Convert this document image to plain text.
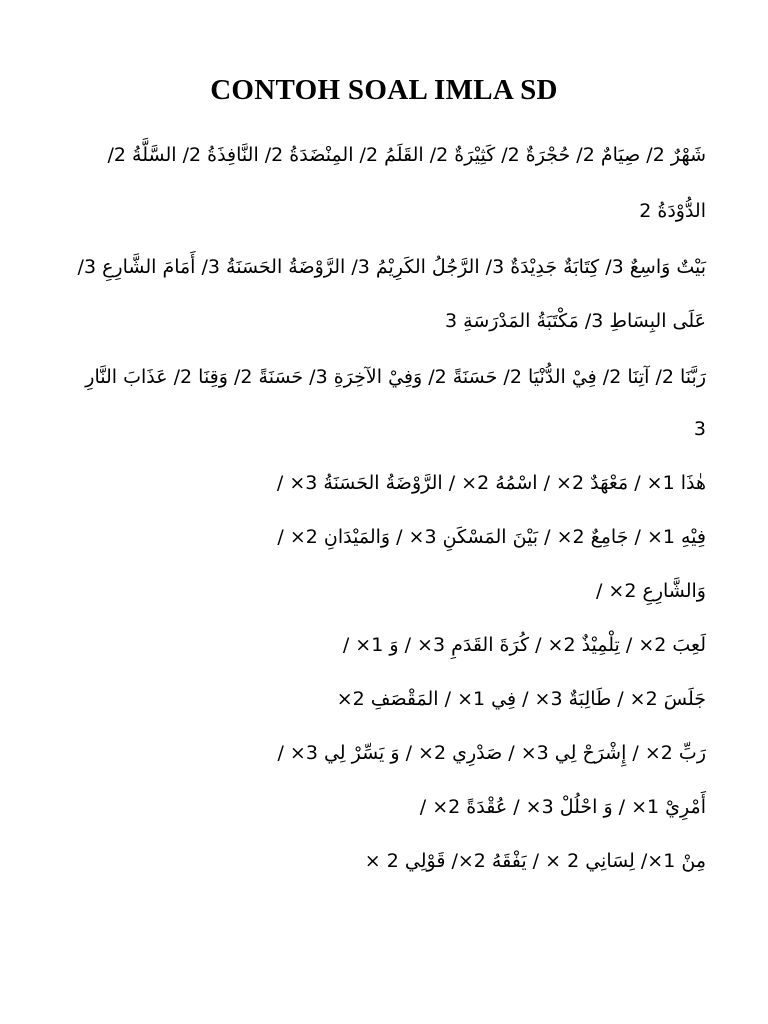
CONTOH SOAL IMLA SD
شَهْرٌ 2/ صِيَامٌ 2/ حُجْرَةٌ 2/ كَثِيْرَةٌ 2/ القَلَمُ 2/ المِنْضَدَةُ 2/ النَّافِذَةُ 2/ السَّلَّةُ 2/
الدُّوْدَةُ 2
بَيْتٌ وَاسِعٌ 3/ كِتَابَةٌ جَدِيْدَةٌ 3/ الرَّجُلُ الكَرِيْمُ 3/ الرَّوْضَةُ الحَسَنَةُ 3/ أَمَامَ الشَّارِعِ 3/
عَلَى البِسَاطِ 3/ مَكْتَبَةُ المَدْرَسَةِ 3
رَبَّنَا 2/ آتِنَا 2/ فِيْ الدُّنْيَا 2/ حَسَنَةً 2/ وَفِيْ الآخِرَةِ 3/ حَسَنَةً 2/ وَقِنَا 2/ عَذَابَ النَّارِ
3
هٰذَا 1× / مَعْهَدٌ 2× / اسْمُهُ 2× / الرَّوْضَةُ الحَسَنَةُ 3× /
فِيْهِ 1× / جَامِعٌ 2× / بَيْنَ المَسْكَنِ 3× / وَالمَيْدَانِ 2× /
وَالشَّارِعِ 2× /
لَعِبَ 2× / تِلْمِيْذٌ 2× / كُرَةَ القَدَمِ 3× / وَ 1× /
جَلَسَ 2× / طَالِبَةٌ 3× / فِي 1× / المَقْصَفِ 2×
رَبِّ 2× / إِشْرَحْ لِي 3× / صَدْرِي 2× / وَ يَسِّرْ لِي 3× /
أَمْرِيْ 1× / وَ احْلُلْ 3× / عُقْدَةً 2× /
مِنْ 1×/ لِسَانِي 2 × / يَفْقَهُ 2×/ قَوْلِي 2 ×
